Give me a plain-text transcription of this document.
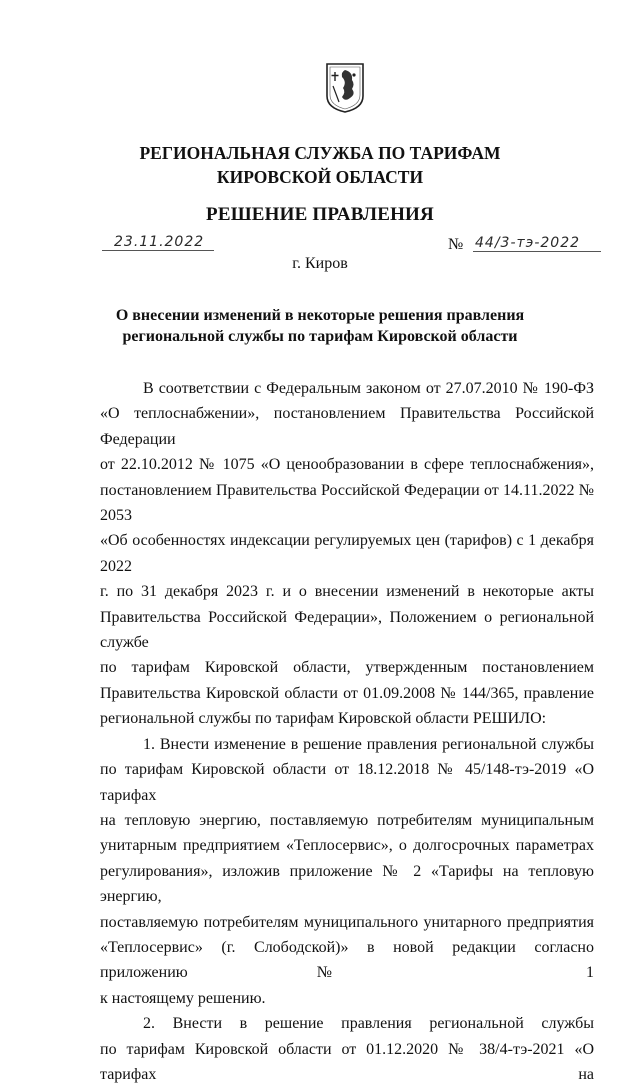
РЕГИОНАЛЬНАЯ СЛУЖБА ПО ТАРИФАМ
КИРОВСКОЙ ОБЛАСТИ
РЕШЕНИЕ ПРАВЛЕНИЯ
23.11.2022	№ 44/3-тэ-2022
г. Киров
О внесении изменений в некоторые решения правления
региональной службы по тарифам Кировской области

В соответствии с Федеральным законом от 27.07.2010 № 190-ФЗ

«О теплоснабжении», постановлением Правительства Российской Федерации

от 22.10.2012 № 1075 «О ценообразовании в сфере теплоснабжения»,

постановлением Правительства Российской Федерации от 14.11.2022 № 2053

«Об особенностях индексации регулируемых цен (тарифов) с 1 декабря 2022

г. по 31 декабря 2023 г. и о внесении изменений в некоторые акты

Правительства Российской Федерации», Положением о региональной службе

по тарифам Кировской области, утвержденным постановлением

Правительства Кировской области от 01.09.2008 № 144/365, правление

региональной службы по тарифам Кировской области РЕШИЛО:

1. Внести изменение в решение правления региональной службы

по тарифам Кировской области от 18.12.2018 № 45/148-тэ-2019 «О тарифах

на тепловую энергию, поставляемую потребителям муниципальным

унитарным предприятием «Теплосервис», о долгосрочных параметрах

регулирования», изложив приложение № 2 «Тарифы на тепловую энергию,

поставляемую потребителям муниципального унитарного предприятия

«Теплосервис» (г. Слободской)» в новой редакции согласно приложению № 1

к настоящему решению.

2. Внести в решение правления региональной службы

по тарифам Кировской области от 01.12.2020 № 38/4-тэ-2021 «О тарифах на
